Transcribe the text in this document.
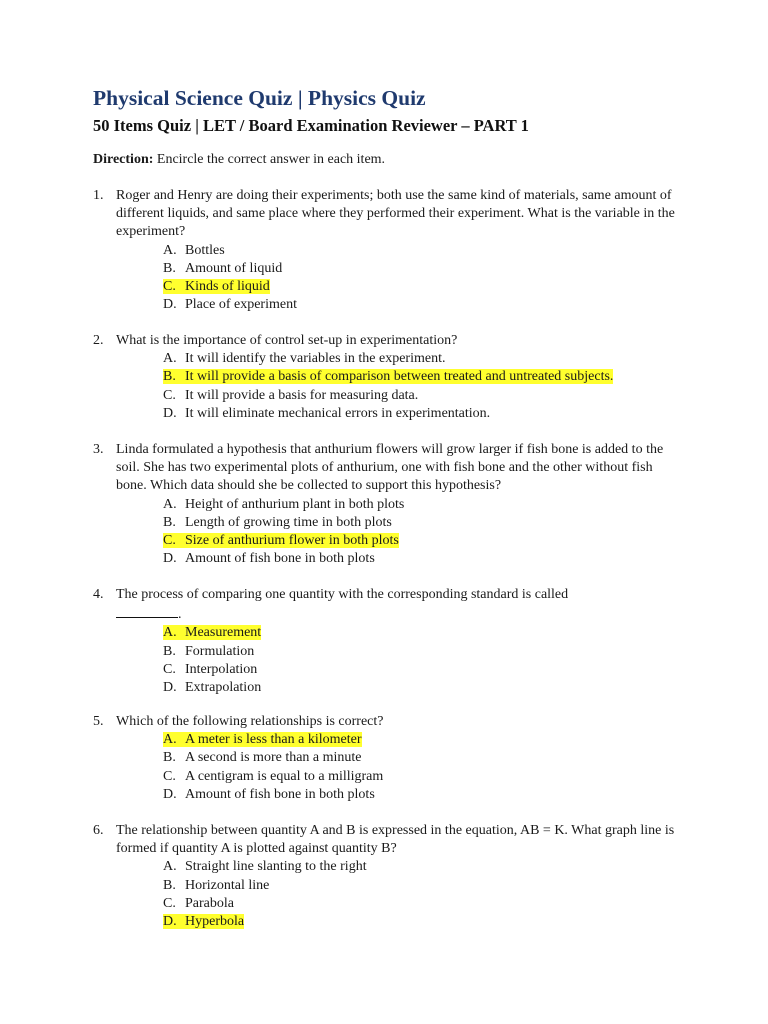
Physical Science Quiz | Physics Quiz
50 Items Quiz | LET / Board Examination Reviewer – PART 1
Direction: Encircle the correct answer in each item.
1. Roger and Henry are doing their experiments; both use the same kind of materials, same amount of different liquids, and same place where they performed their experiment. What is the variable in the experiment?
A. Bottles
B. Amount of liquid
C. Kinds of liquid
D. Place of experiment
2. What is the importance of control set-up in experimentation?
A. It will identify the variables in the experiment.
B. It will provide a basis of comparison between treated and untreated subjects.
C. It will provide a basis for measuring data.
D. It will eliminate mechanical errors in experimentation.
3. Linda formulated a hypothesis that anthurium flowers will grow larger if fish bone is added to the soil. She has two experimental plots of anthurium, one with fish bone and the other without fish bone. Which data should she be collected to support this hypothesis?
A. Height of anthurium plant in both plots
B. Length of growing time in both plots
C. Size of anthurium flower in both plots
D. Amount of fish bone in both plots
4. The process of comparing one quantity with the corresponding standard is called
.
A. Measurement
B. Formulation
C. Interpolation
D. Extrapolation
5. Which of the following relationships is correct?
A. A meter is less than a kilometer
B. A second is more than a minute
C. A centigram is equal to a milligram
D. Amount of fish bone in both plots
6. The relationship between quantity A and B is expressed in the equation, AB = K. What graph line is formed if quantity A is plotted against quantity B?
A. Straight line slanting to the right
B. Horizontal line
C. Parabola
D. Hyperbola
